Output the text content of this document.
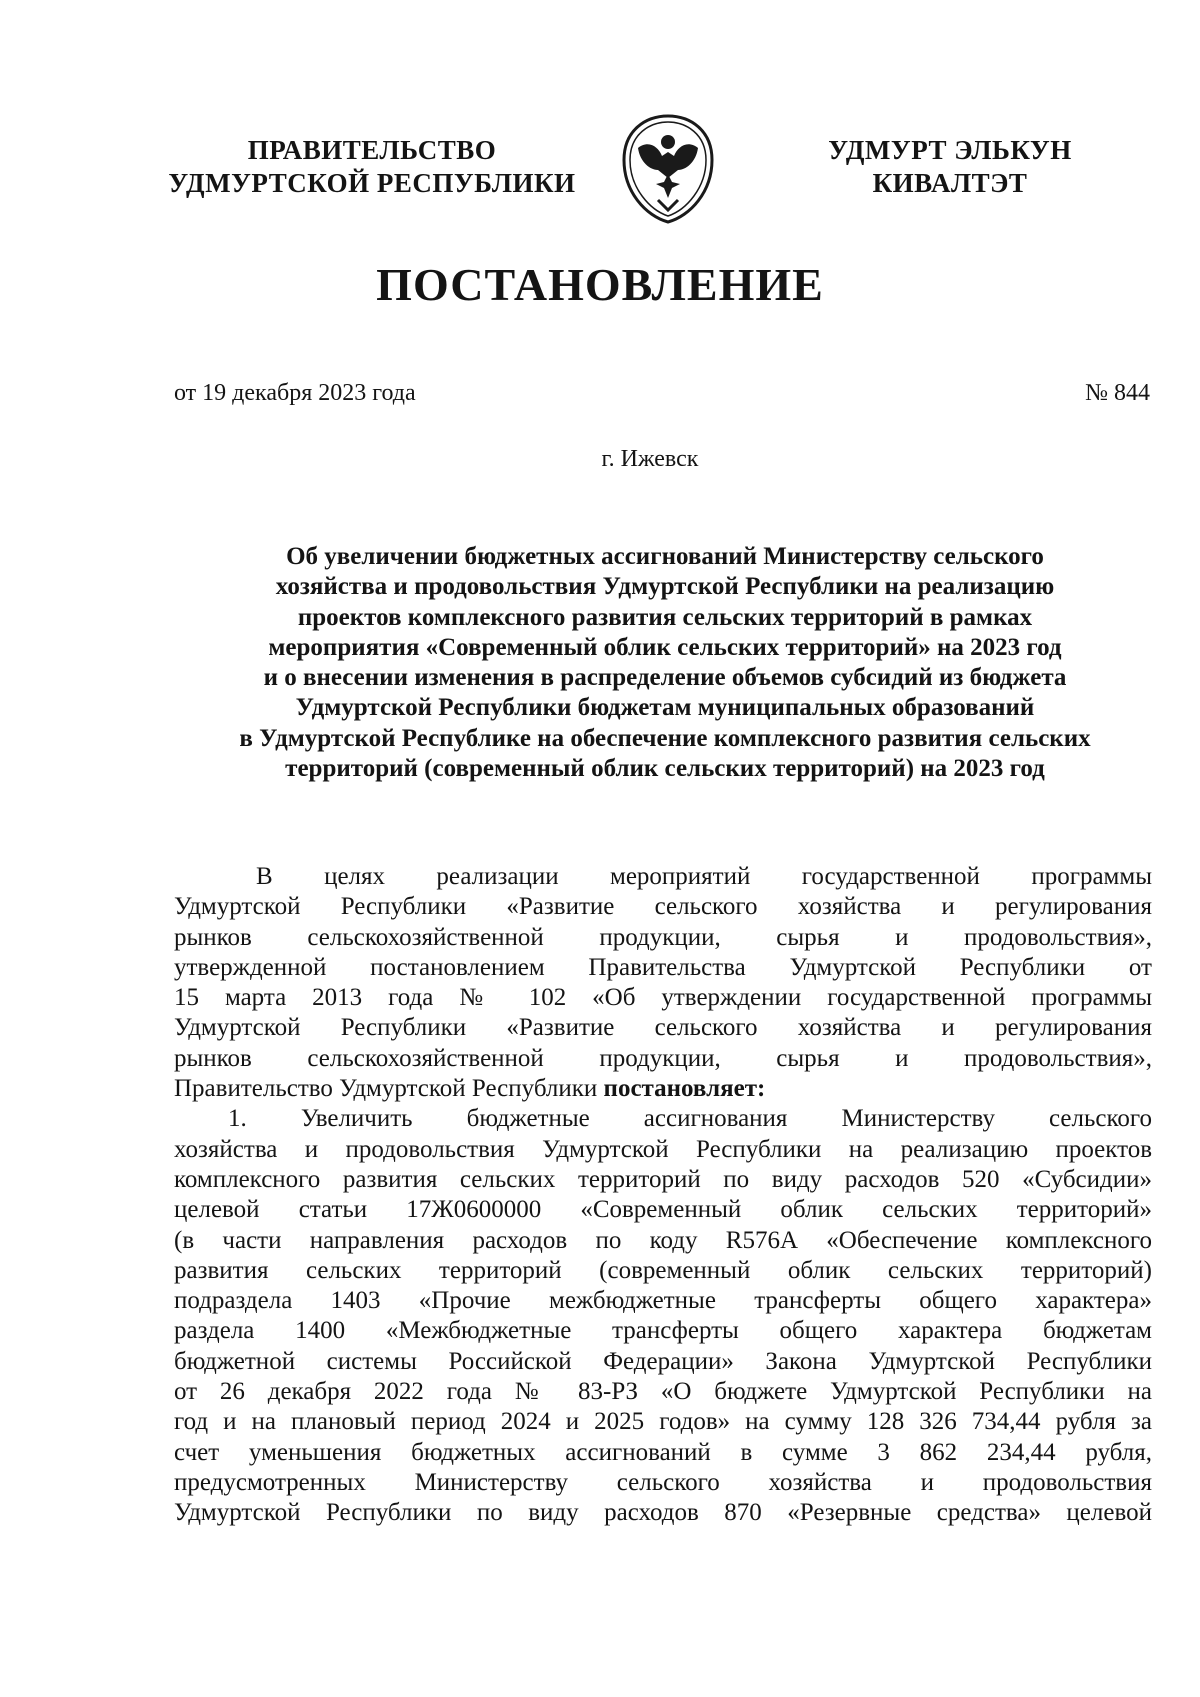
ПРАВИТЕЛЬСТВО
УДМУРТСКОЙ РЕСПУБЛИКИ
УДМУРТ ЭЛЬКУН
КИВАЛТЭТ
ПОСТАНОВЛЕНИЕ
от 19 декабря 2023 года	№ 844
г. Ижевск
Об увеличении бюджетных ассигнований Министерству сельского
хозяйства и продовольствия Удмуртской Республики на реализацию
проектов комплексного развития сельских территорий в рамках
мероприятия «Современный облик сельских территорий» на 2023 год
и о внесении изменения в распределение объемов субсидий из бюджета
Удмуртской Республики бюджетам муниципальных образований
в Удмуртской Республике на обеспечение комплексного развития сельских
территорий (современный облик сельских территорий) на 2023 год
В целях реализации мероприятий государственной программы
Удмуртской Республики «Развитие сельского хозяйства и регулирования
рынков сельскохозяйственной продукции, сырья и продовольствия»,
утвержденной постановлением Правительства Удмуртской Республики от
15 марта 2013 года № 102 «Об утверждении государственной программы
Удмуртской Республики «Развитие сельского хозяйства и регулирования
рынков сельскохозяйственной продукции, сырья и продовольствия»,
Правительство Удмуртской Республики постановляет:
1. Увеличить бюджетные ассигнования Министерству сельского
хозяйства и продовольствия Удмуртской Республики на реализацию проектов
комплексного развития сельских территорий по виду расходов 520 «Субсидии»
целевой статьи 17Ж0600000 «Современный облик сельских территорий»
(в части направления расходов по коду R576А «Обеспечение комплексного
развития сельских территорий (современный облик сельских территорий)
подраздела 1403 «Прочие межбюджетные трансферты общего характера»
раздела 1400 «Межбюджетные трансферты общего характера бюджетам
бюджетной системы Российской Федерации» Закона Удмуртской Республики
от 26 декабря 2022 года № 83-РЗ «О бюджете Удмуртской Республики на
год и на плановый период 2024 и 2025 годов» на сумму 128 326 734,44 рубля за
счет уменьшения бюджетных ассигнований в сумме 3 862 234,44 рубля,
предусмотренных Министерству сельского хозяйства и продовольствия
Удмуртской Республики по виду расходов 870 «Резервные средства» целевой
